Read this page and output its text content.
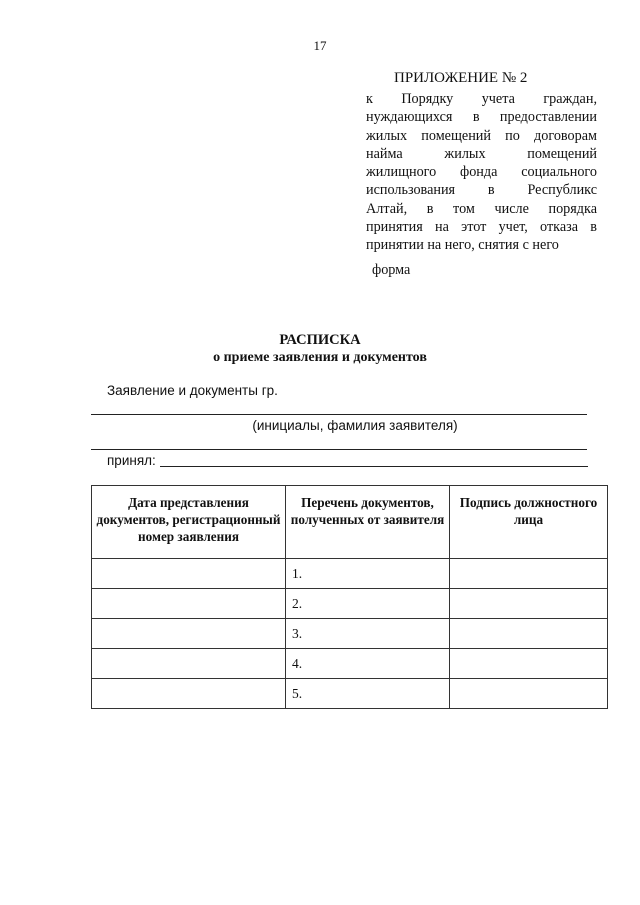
17
ПРИЛОЖЕНИЕ № 2
к Порядку учета граждан,
нуждающихся в предоставлении
жилых помещений по договорам
найма жилых помещений
жилищного фонда социального
использования в Республикс
Алтай, в том числе порядка
принятия на этот учет, отказа в
принятии на него, снятия с него
форма
РАСПИСКА
о приеме заявления и документов
Заявление и документы гр.
(инициалы, фамилия заявителя)
принял:
Дата представления документов, регистрационный номер заявления	Перечень документов, полученных от заявителя	Подпись должностного лица
	1.	
	2.	
	3.	
	4.	
	5.	
